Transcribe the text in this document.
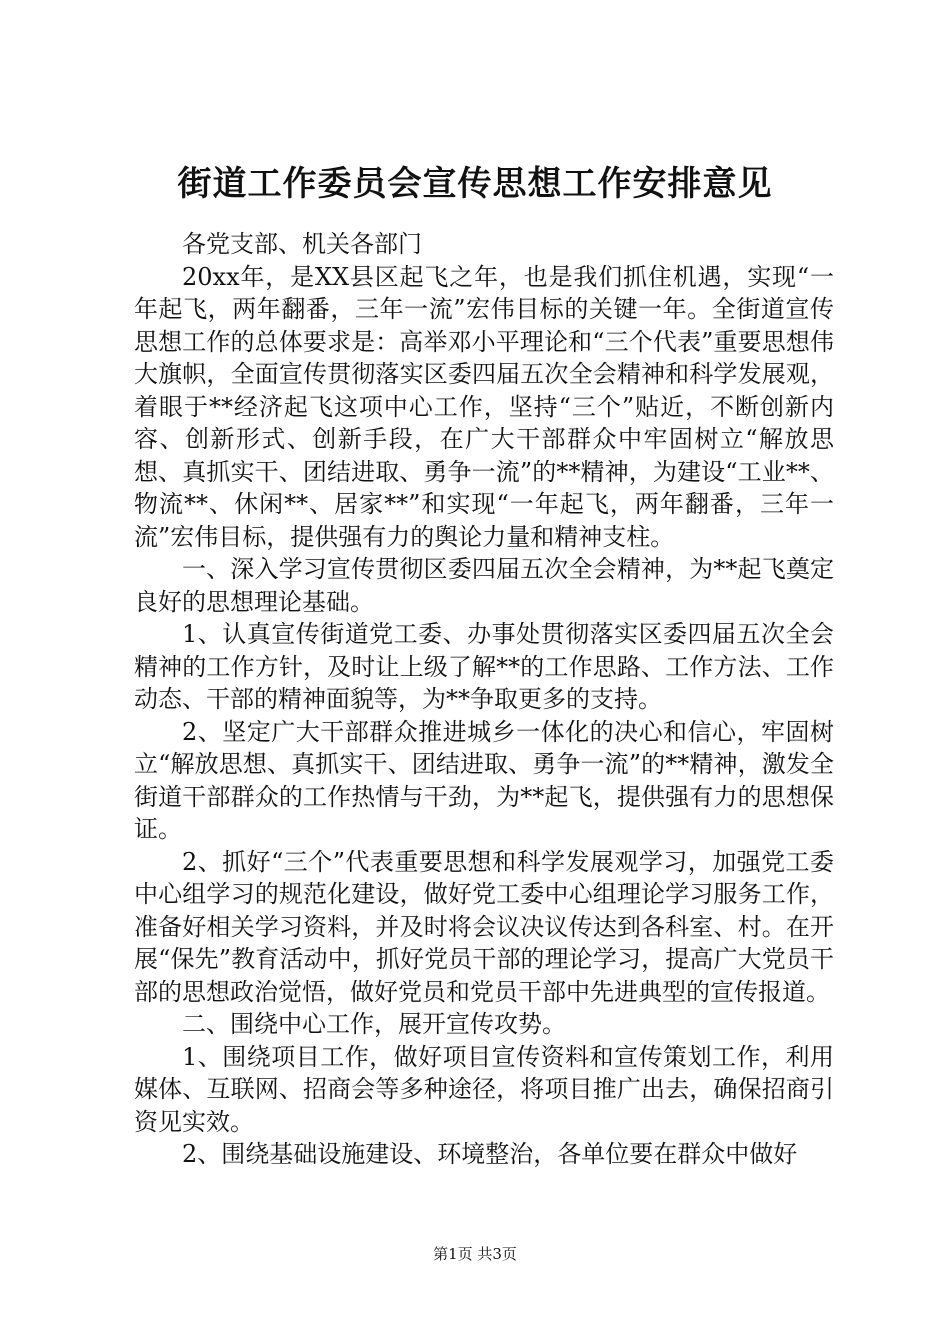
街道工作委员会宣传思想工作安排意见

各党支部、机关各部门

20xx年，是XX县区起飞之年，也是我们抓住机遇，实现“一年起飞，两年翻番，三年一流”宏伟目标的关键一年。全街道宣传思想工作的总体要求是：高举邓小平理论和“三个代表”重要思想伟大旗帜，全面宣传贯彻落实区委四届五次全会精神和科学发展观，着眼于**经济起飞这项中心工作，坚持“三个”贴近，不断创新内容、创新形式、创新手段，在广大干部群众中牢固树立“解放思想、真抓实干、团结进取、勇争一流”的**精神，为建设“工业**、物流**、休闲**、居家**”和实现“一年起飞，两年翻番，三年一流”宏伟目标，提供强有力的舆论力量和精神支柱。

一、深入学习宣传贯彻区委四届五次全会精神，为**起飞奠定良好的思想理论基础。

1、认真宣传街道党工委、办事处贯彻落实区委四届五次全会精神的工作方针，及时让上级了解**的工作思路、工作方法、工作动态、干部的精神面貌等，为**争取更多的支持。

2、坚定广大干部群众推进城乡一体化的决心和信心，牢固树立“解放思想、真抓实干、团结进取、勇争一流”的**精神，激发全街道干部群众的工作热情与干劲，为**起飞，提供强有力的思想保证。

2、抓好“三个”代表重要思想和科学发展观学习，加强党工委中心组学习的规范化建设，做好党工委中心组理论学习服务工作，准备好相关学习资料，并及时将会议决议传达到各科室、村。在开展“保先”教育活动中，抓好党员干部的理论学习，提高广大党员干部的思想政治觉悟，做好党员和党员干部中先进典型的宣传报道。

二、围绕中心工作，展开宣传攻势。

1、围绕项目工作，做好项目宣传资料和宣传策划工作，利用媒体、互联网、招商会等多种途径，将项目推广出去，确保招商引资见实效。

2、围绕基础设施建设、环境整治，各单位要在群众中做好

第1页 共3页
